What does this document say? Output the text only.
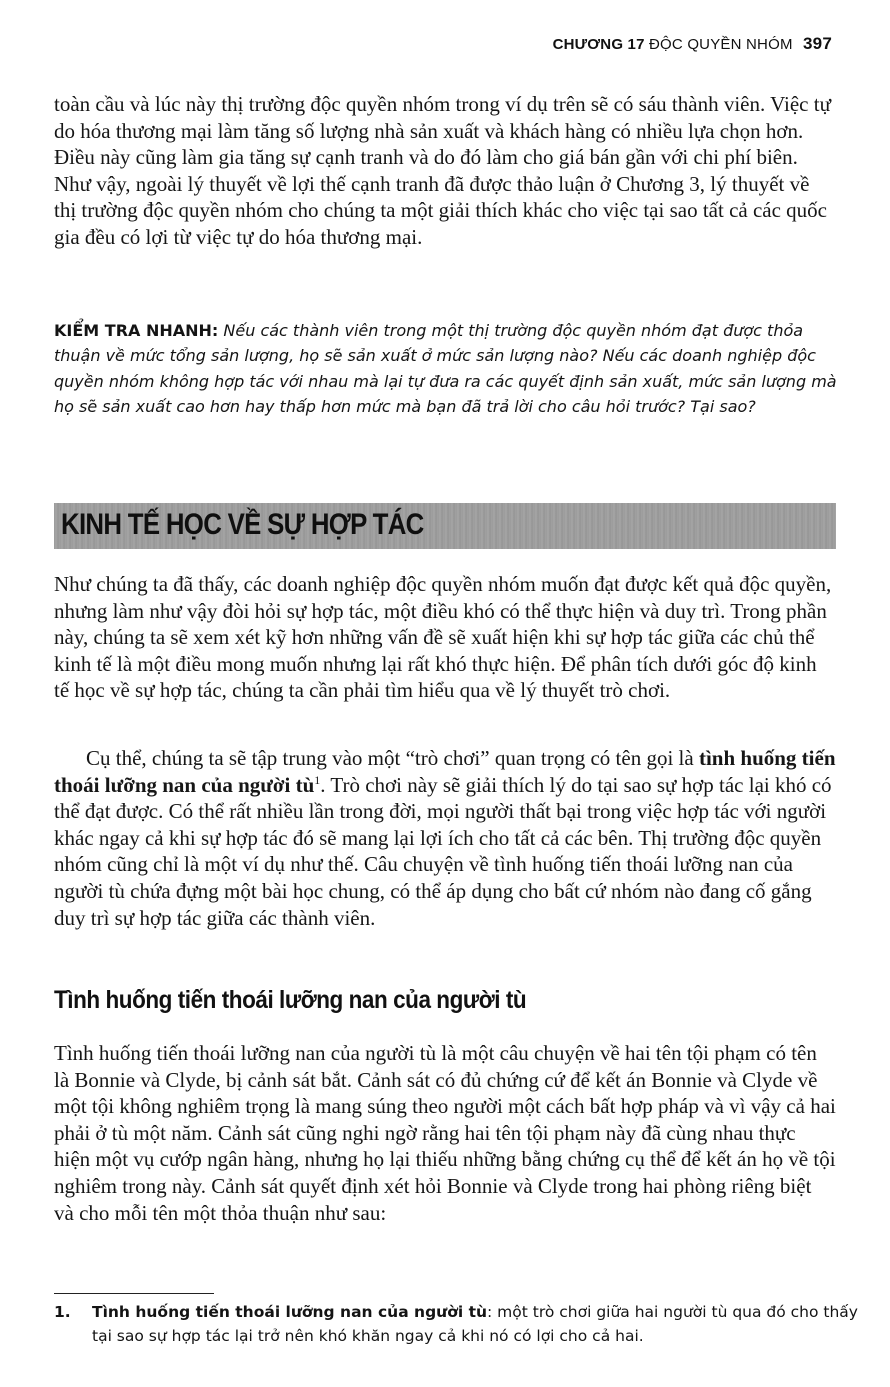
CHƯƠNG 17 ĐỘC QUYỀN NHÓM 397

toàn cầu và lúc này thị trường độc quyền nhóm trong ví dụ trên sẽ có sáu thành viên. Việc tự do hóa thương mại làm tăng số lượng nhà sản xuất và khách hàng có nhiều lựa chọn hơn. Điều này cũng làm gia tăng sự cạnh tranh và do đó làm cho giá bán gần với chi phí biên. Như vậy, ngoài lý thuyết về lợi thế cạnh tranh đã được thảo luận ở Chương 3, lý thuyết về thị trường độc quyền nhóm cho chúng ta một giải thích khác cho việc tại sao tất cả các quốc gia đều có lợi từ việc tự do hóa thương mại.

KIỂM TRA NHANH: Nếu các thành viên trong một thị trường độc quyền nhóm đạt được thỏa thuận về mức tổng sản lượng, họ sẽ sản xuất ở mức sản lượng nào? Nếu các doanh nghiệp độc quyền nhóm không hợp tác với nhau mà lại tự đưa ra các quyết định sản xuất, mức sản lượng mà họ sẽ sản xuất cao hơn hay thấp hơn mức mà bạn đã trả lời cho câu hỏi trước? Tại sao?

KINH TẾ HỌC VỀ SỰ HỢP TÁC

Như chúng ta đã thấy, các doanh nghiệp độc quyền nhóm muốn đạt được kết quả độc quyền, nhưng làm như vậy đòi hỏi sự hợp tác, một điều khó có thể thực hiện và duy trì. Trong phần này, chúng ta sẽ xem xét kỹ hơn những vấn đề sẽ xuất hiện khi sự hợp tác giữa các chủ thể kinh tế là một điều mong muốn nhưng lại rất khó thực hiện. Để phân tích dưới góc độ kinh tế học về sự hợp tác, chúng ta cần phải tìm hiểu qua về lý thuyết trò chơi.

Cụ thể, chúng ta sẽ tập trung vào một “trò chơi” quan trọng có tên gọi là tình huống tiến thoái lưỡng nan của người $tù^1$. Trò chơi này sẽ giải thích lý do tại sao sự hợp tác lại khó có thể đạt được. Có thể rất nhiều lần trong đời, mọi người thất bại trong việc hợp tác với người khác ngay cả khi sự hợp tác đó sẽ mang lại lợi ích cho tất cả các bên. Thị trường độc quyền nhóm cũng chỉ là một ví dụ như thế. Câu chuyện về tình huống tiến thoái lưỡng nan của người tù chứa đựng một bài học chung, có thể áp dụng cho bất cứ nhóm nào đang cố gắng duy trì sự hợp tác giữa các thành viên.

Tình huống tiến thoái lưỡng nan của người tù

Tình huống tiến thoái lưỡng nan của người tù là một câu chuyện về hai tên tội phạm có tên là Bonnie và Clyde, bị cảnh sát bắt. Cảnh sát có đủ chứng cứ để kết án Bonnie và Clyde về một tội không nghiêm trọng là mang súng theo người một cách bất hợp pháp và vì vậy cả hai phải ở tù một năm. Cảnh sát cũng nghi ngờ rằng hai tên tội phạm này đã cùng nhau thực hiện một vụ cướp ngân hàng, nhưng họ lại thiếu những bằng chứng cụ thể để kết án họ về tội nghiêm trong này. Cảnh sát quyết định xét hỏi Bonnie và Clyde trong hai phòng riêng biệt và cho mỗi tên một thỏa thuận như sau:

1. Tình huống tiến thoái lưỡng nan của người tù: một trò chơi giữa hai người tù qua đó cho thấy tại sao sự hợp tác lại trở nên khó khăn ngay cả khi nó có lợi cho cả hai.
